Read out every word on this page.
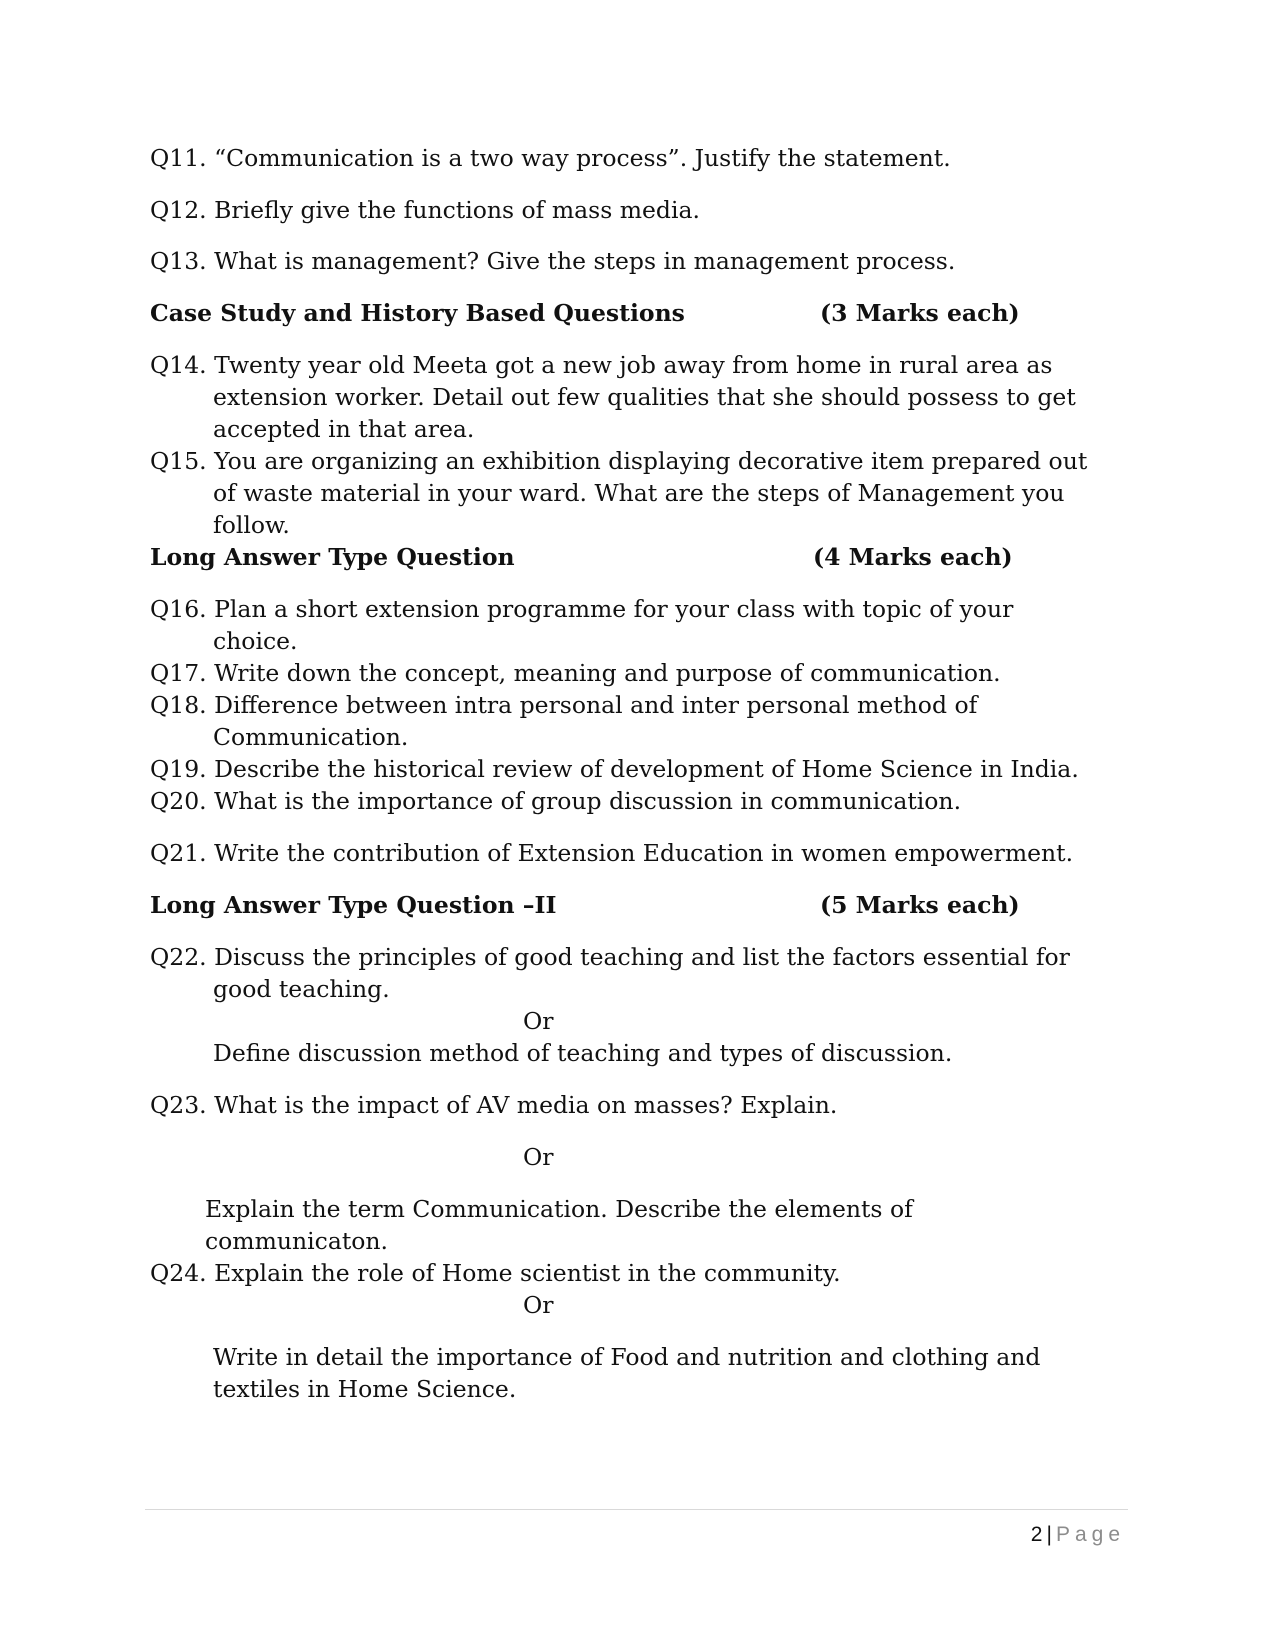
Q11. “Communication is a two way process”. Justify the statement.
Q12. Briefly give the functions of mass media.
Q13. What is management? Give the steps in management process.
Case Study and History Based Questions	(3 Marks each)
Q14. Twenty year old Meeta got a new job away from home in rural area as
extension worker. Detail out few qualities that she should possess to get
accepted in that area.
Q15. You are organizing an exhibition displaying decorative item prepared out
of waste material in your ward. What are the steps of Management you
follow.
Long Answer Type Question	(4 Marks each)
Q16. Plan a short extension programme for your class with topic of your
choice.
Q17. Write down the concept, meaning and purpose of communication.
Q18. Difference between intra personal and inter personal method of
Communication.
Q19. Describe the historical review of development of Home Science in India.
Q20. What is the importance of group discussion in communication.
Q21. Write the contribution of Extension Education in women empowerment.
Long Answer Type Question –II	(5 Marks each)
Q22. Discuss the principles of good teaching and list the factors essential for
good teaching.
Or
Define discussion method of teaching and types of discussion.
Q23. What is the impact of AV media on masses? Explain.
Or
Explain the term Communication. Describe the elements of
communicaton.
Q24. Explain the role of Home scientist in the community.
Or
Write in detail the importance of Food and nutrition and clothing and
textiles in Home Science.
2 | Page
